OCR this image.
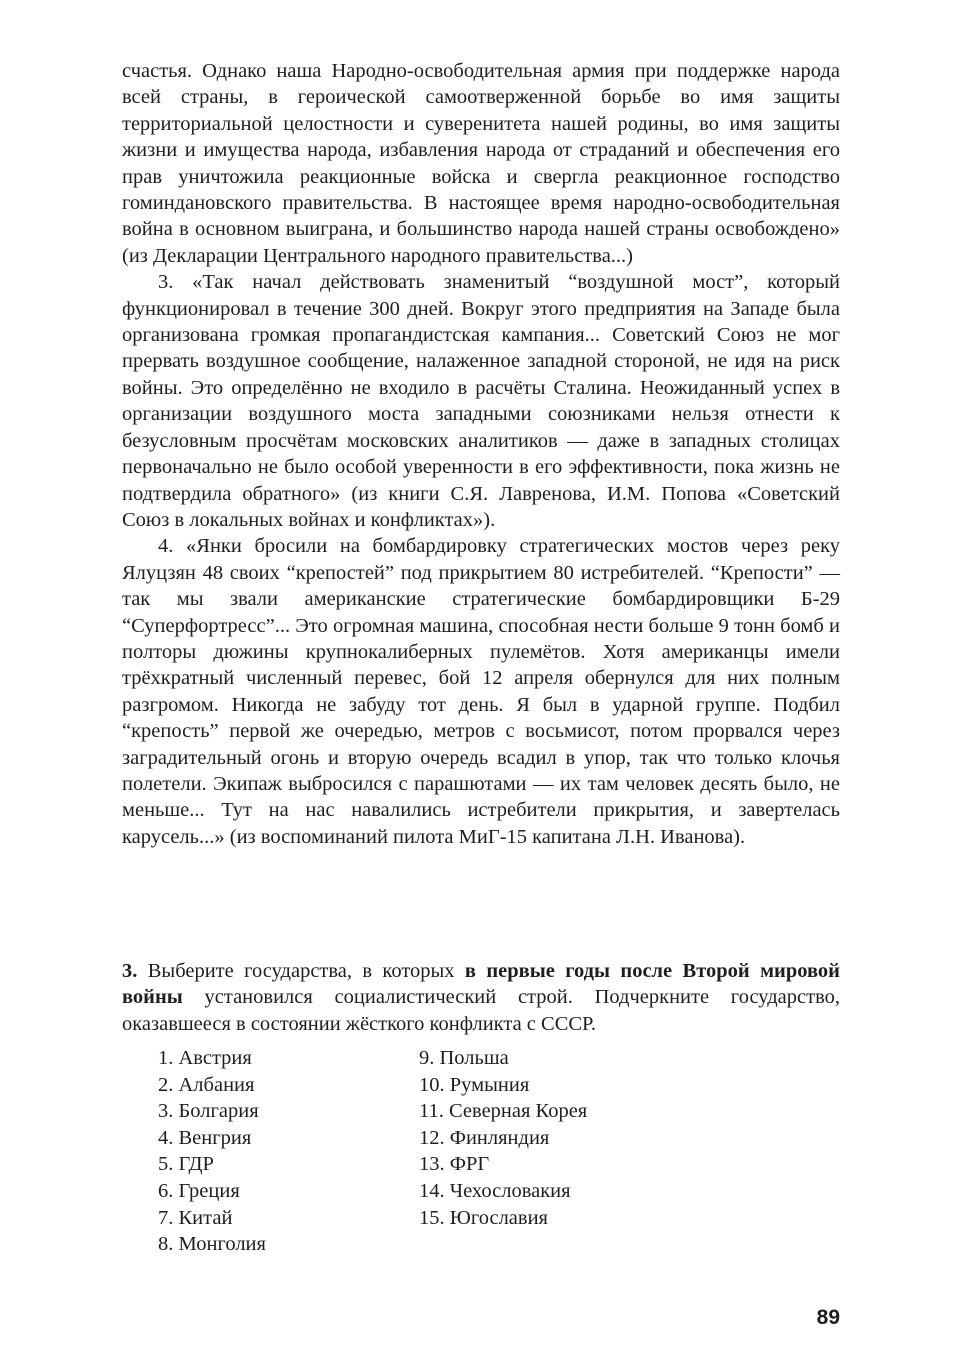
счастья. Однако наша Народно-освободительная армия при поддержке народа всей страны, в героической самоотверженной борьбе во имя защиты территориальной целостности и суверенитета нашей родины, во имя защиты жизни и имущества народа, избавления народа от страданий и обеспечения его прав уничтожила реакционные войска и свергла реакционное господство гоминдановского правительства. В настоящее время народно-освободительная война в основном выиграна, и большинство народа нашей страны освобождено» (из Декларации Центрального народного правительства...)

3. «Так начал действовать знаменитый “воздушной мост”, который функционировал в течение 300 дней. Вокруг этого предприятия на Западе была организована громкая пропагандистская кампания... Советский Союз не мог прервать воздушное сообщение, налаженное западной стороной, не идя на риск войны. Это определённо не входило в расчёты Сталина. Неожиданный успех в организации воздушного моста западными союзниками нельзя отнести к безусловным просчётам московских аналитиков — даже в западных столицах первоначально не было особой уверенности в его эффективности, пока жизнь не подтвердила обратного» (из книги С.Я. Лавренова, И.М. Попова «Советский Союз в локальных войнах и конфликтах»).

4. «Янки бросили на бомбардировку стратегических мостов через реку Ялуцзян 48 своих “крепостей” под прикрытием 80 истребителей. “Крепости” — так мы звали американские стратегические бомбардировщики Б-29 “Суперфортресс”... Это огромная машина, способная нести больше 9 тонн бомб и полторы дюжины крупнокалиберных пулемётов. Хотя американцы имели трёхкратный численный перевес, бой 12 апреля обернулся для них полным разгромом. Никогда не забуду тот день. Я был в ударной группе. Подбил “крепость” первой же очередью, метров с восьмисот, потом прорвался через заградительный огонь и вторую очередь всадил в упор, так что только клочья полетели. Экипаж выбросился с парашютами — их там человек десять было, не меньше... Тут на нас навалились истребители прикрытия, и завертелась карусель...» (из воспоминаний пилота МиГ-15 капитана Л.Н. Иванова).

3. Выберите государства, в которых в первые годы после Второй мировой войны установился социалистический строй. Подчеркните государство, оказавшееся в состоянии жёсткого конфликта с СССР.

1. Австрия
2. Албания
3. Болгария
4. Венгрия
5. ГДР
6. Греция
7. Китай
8. Монголия
9. Польша
10. Румыния
11. Северная Корея
12. Финляндия
13. ФРГ
14. Чехословакия
15. Югославия
89
